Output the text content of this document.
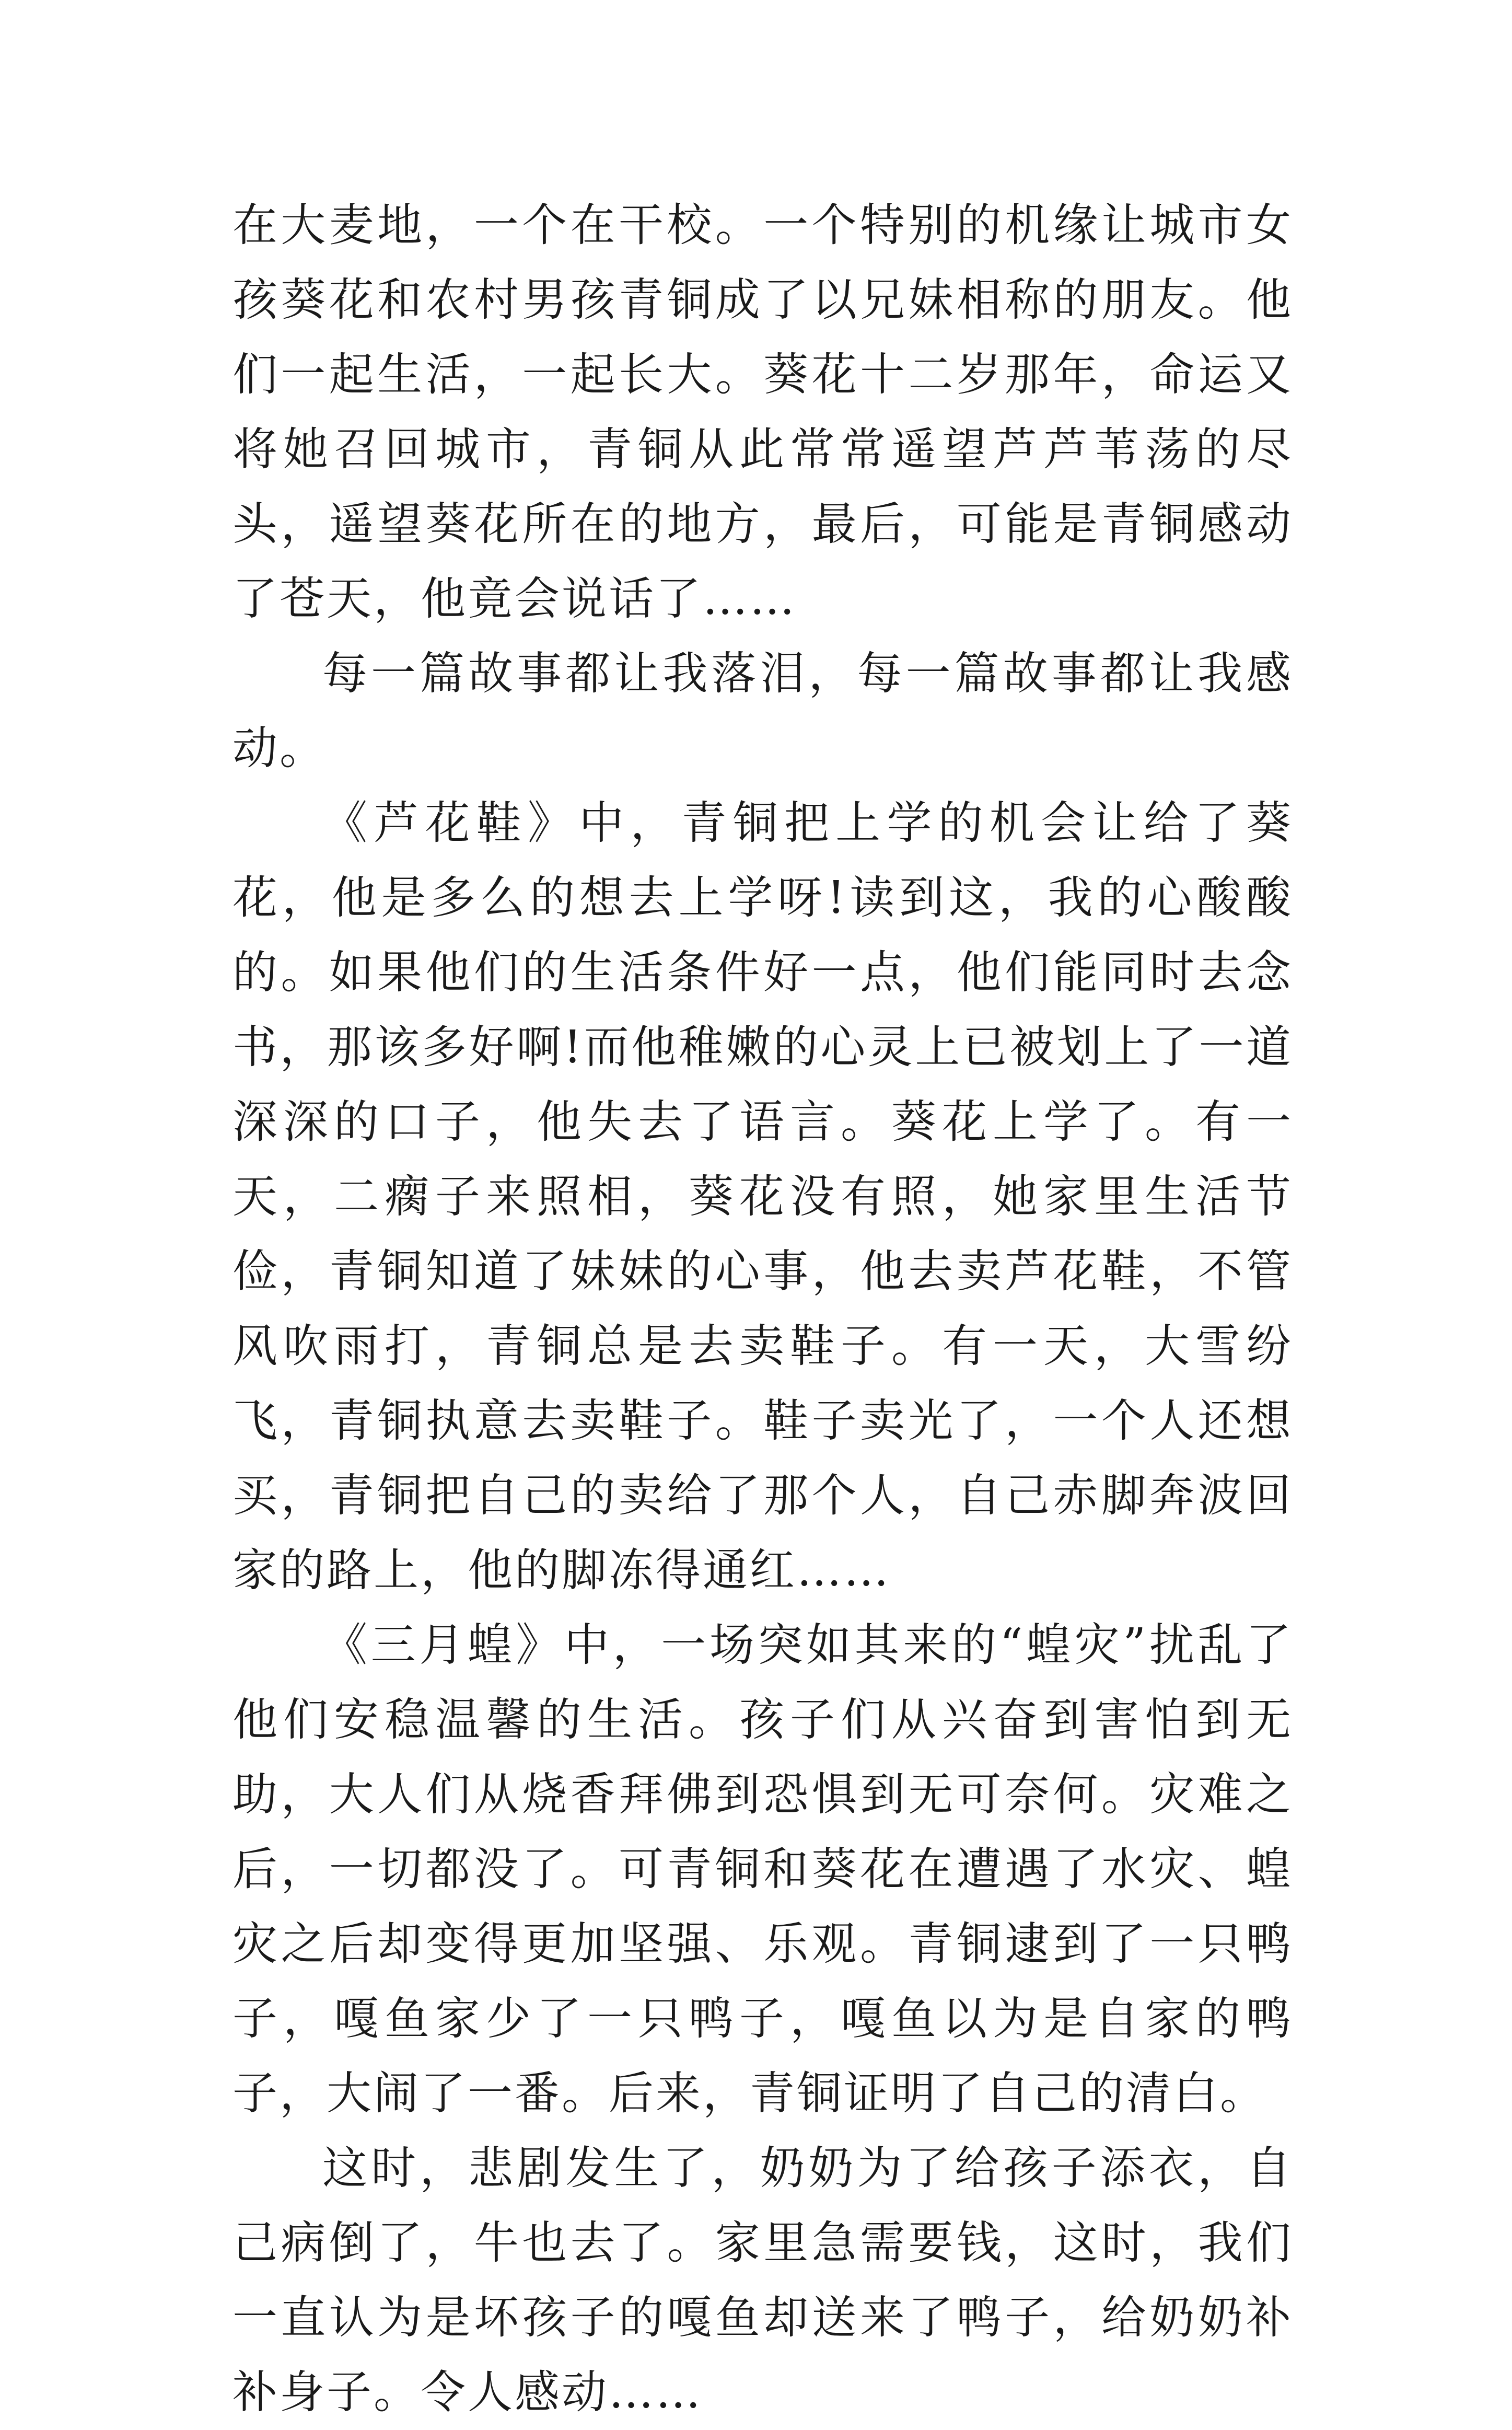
在大麦地，一个在干校。一个特别的机缘让城市女孩葵花和农村男孩青铜成了以兄妹相称的朋友。他们一起生活，一起长大。葵花十二岁那年，命运又将她召回城市，青铜从此常常遥望芦芦苇荡的尽头，遥望葵花所在的地方，最后，可能是青铜感动了苍天，他竟会说话了……

每一篇故事都让我落泪，每一篇故事都让我感动。

《芦花鞋》中，青铜把上学的机会让给了葵花，他是多么的想去上学呀!读到这，我的心酸酸的。如果他们的生活条件好一点，他们能同时去念书，那该多好啊!而他稚嫩的心灵上已被划上了一道深深的口子，他失去了语言。葵花上学了。有一天，二瘸子来照相，葵花没有照，她家里生活节俭，青铜知道了妹妹的心事，他去卖芦花鞋，不管风吹雨打，青铜总是去卖鞋子。有一天，大雪纷飞，青铜执意去卖鞋子。鞋子卖光了，一个人还想买，青铜把自己的卖给了那个人，自己赤脚奔波回家的路上，他的脚冻得通红……

《三月蝗》中，一场突如其来的“蝗灾”扰乱了他们安稳温馨的生活。孩子们从兴奋到害怕到无助，大人们从烧香拜佛到恐惧到无可奈何。灾难之后，一切都没了。可青铜和葵花在遭遇了水灾、蝗灾之后却变得更加坚强、乐观。青铜逮到了一只鸭子，嘎鱼家少了一只鸭子，嘎鱼以为是自家的鸭子，大闹了一番。后来，青铜证明了自己的清白。

这时，悲剧发生了，奶奶为了给孩子添衣，自己病倒了，牛也去了。家里急需要钱，这时，我们一直认为是坏孩子的嘎鱼却送来了鸭子，给奶奶补补身子。令人感动……
